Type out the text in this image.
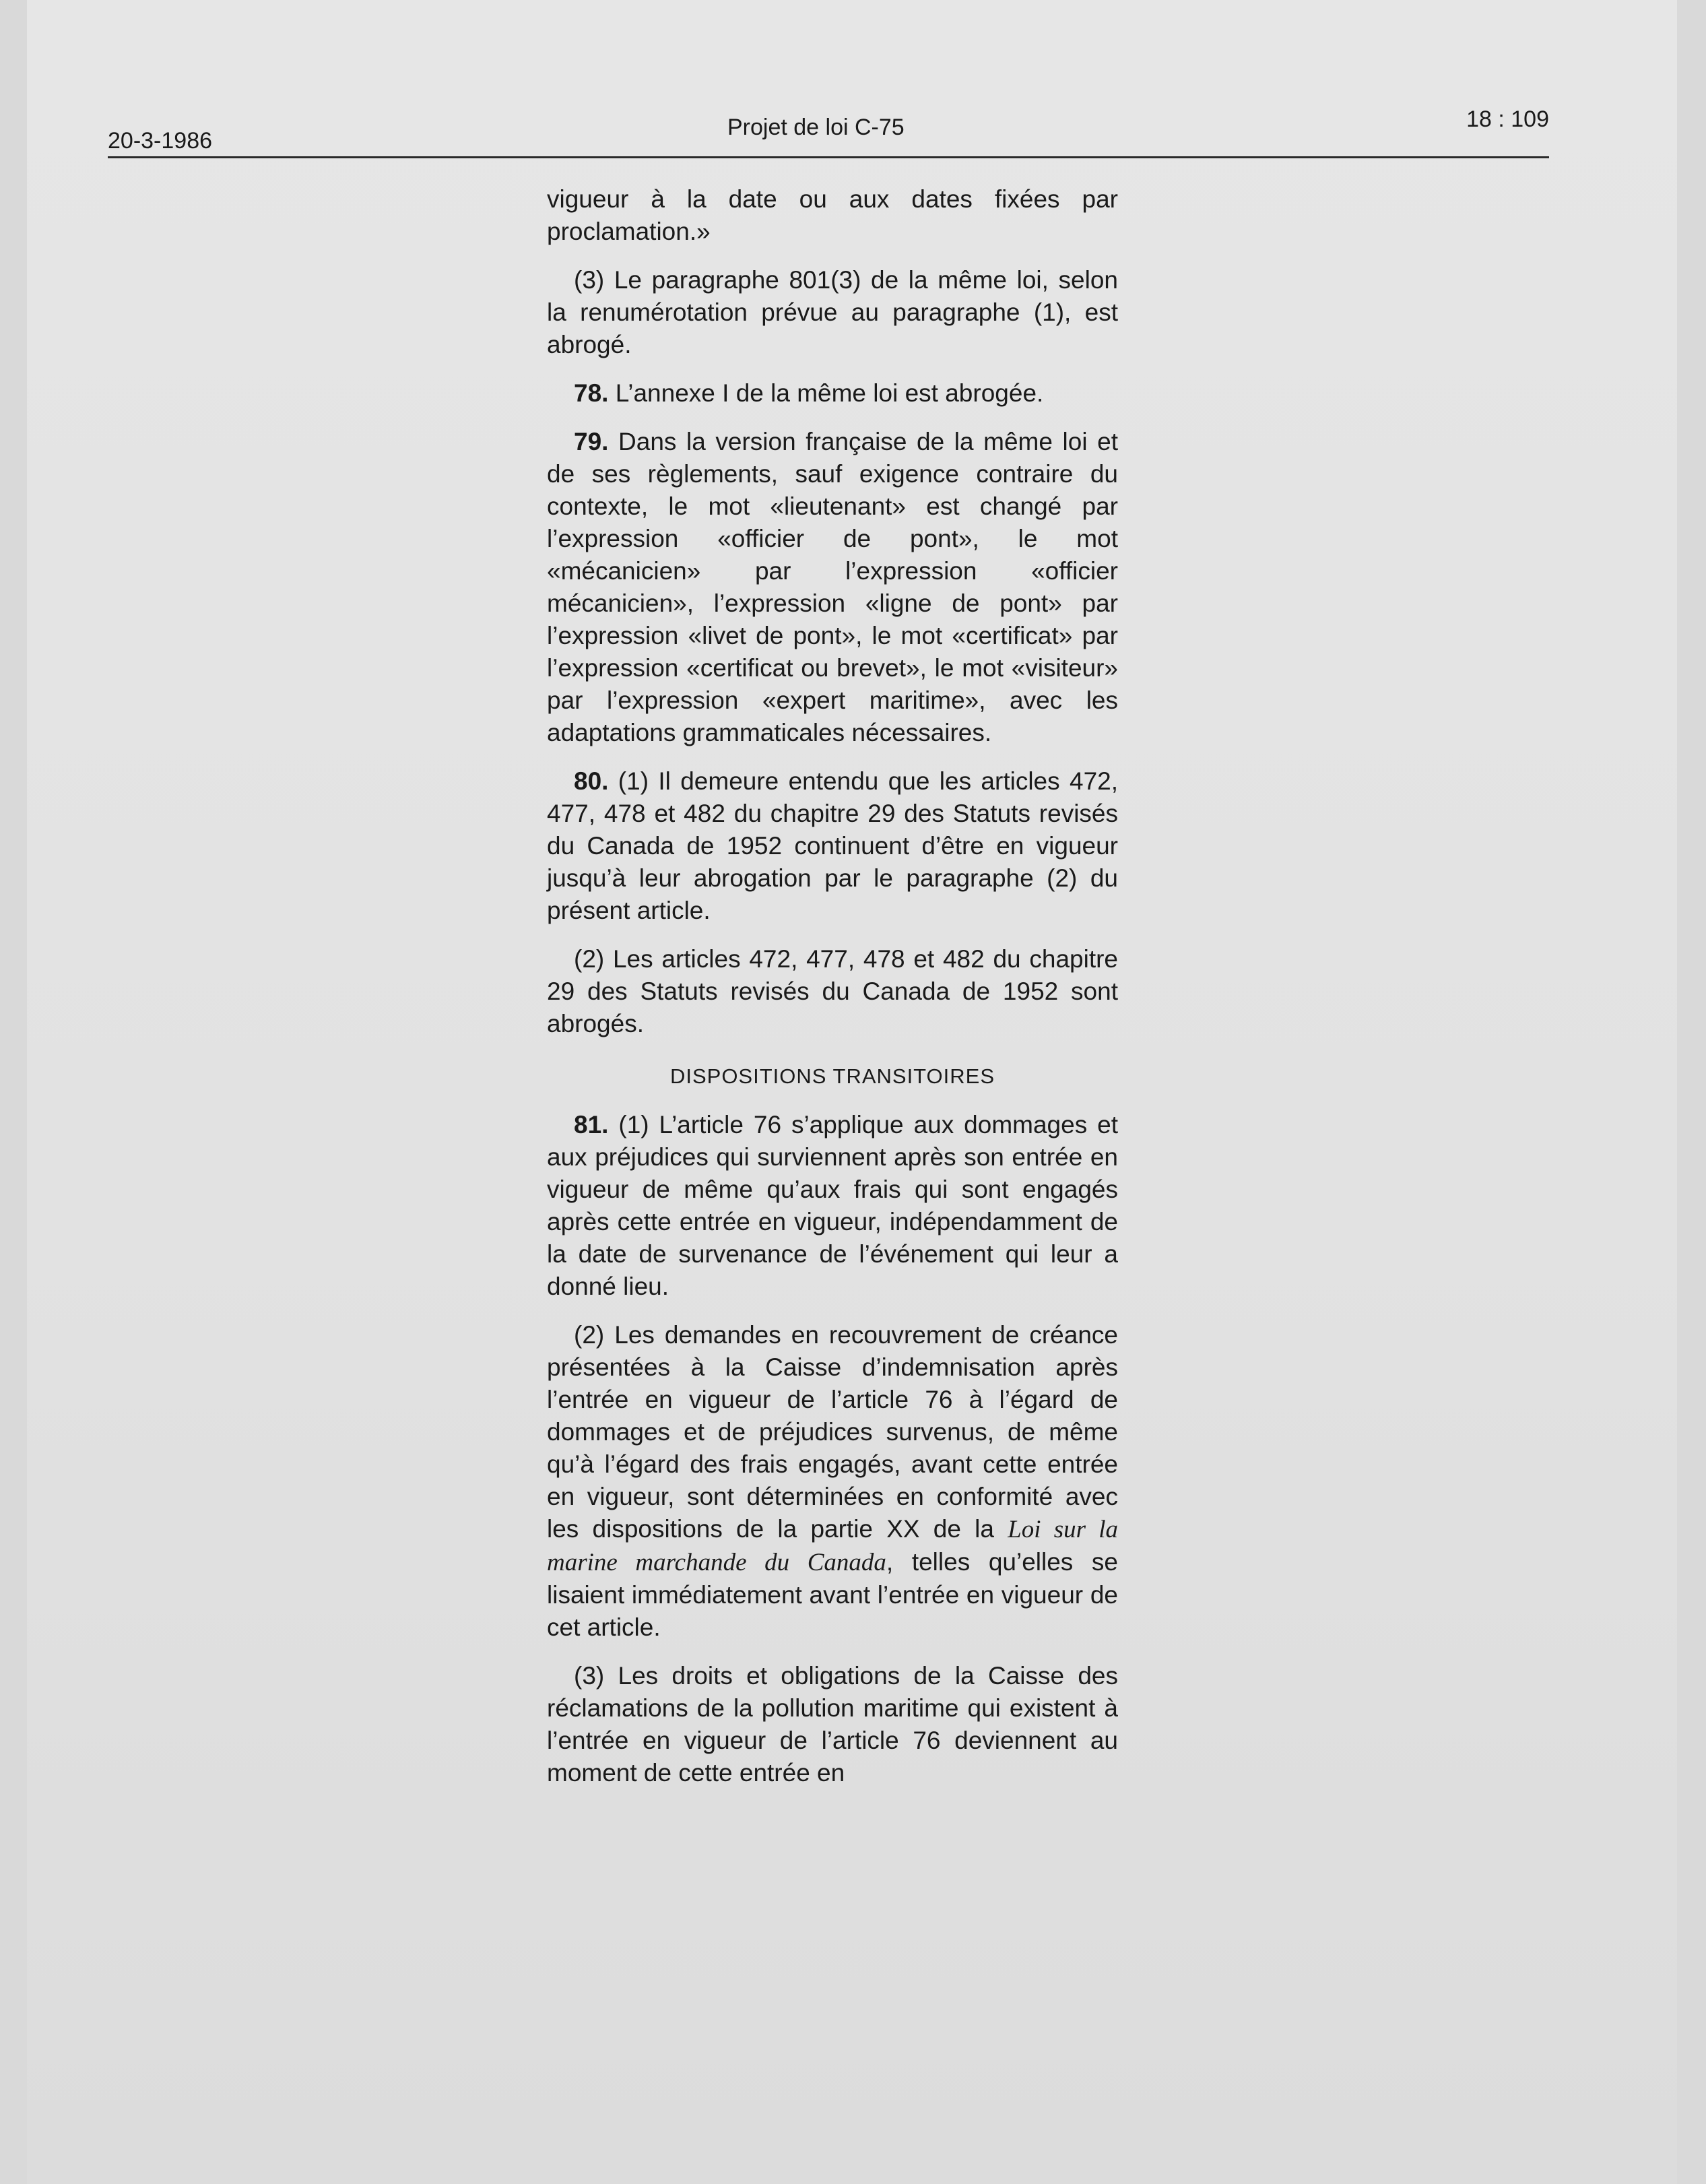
20-3-1986
Projet de loi C-75	18 : 109

vigueur à la date ou aux dates fixées par proclamation.»

(3) Le paragraphe 801(3) de la même loi, selon la renumérotation prévue au paragraphe (1), est abrogé.

78. L’annexe I de la même loi est abrogée.

79. Dans la version française de la même loi et de ses règlements, sauf exigence contraire du contexte, le mot «lieutenant» est changé par l’expression «officier de pont», le mot «mécanicien» par l’expression «officier mécanicien», l’expression «ligne de pont» par l’expression «livet de pont», le mot «certificat» par l’expression «certificat ou brevet», le mot «visiteur» par l’expression «expert maritime», avec les adaptations grammaticales nécessaires.

80. (1) Il demeure entendu que les articles 472, 477, 478 et 482 du chapitre 29 des Statuts revisés du Canada de 1952 continuent d’être en vigueur jusqu’à leur abrogation par le paragraphe (2) du présent article.

(2) Les articles 472, 477, 478 et 482 du chapitre 29 des Statuts revisés du Canada de 1952 sont abrogés.

DISPOSITIONS TRANSITOIRES

81. (1) L’article 76 s’applique aux dommages et aux préjudices qui surviennent après son entrée en vigueur de même qu’aux frais qui sont engagés après cette entrée en vigueur, indépendamment de la date de survenance de l’événement qui leur a donné lieu.

(2) Les demandes en recouvrement de créance présentées à la Caisse d’indemnisation après l’entrée en vigueur de l’article 76 à l’égard de dommages et de préjudices survenus, de même qu’à l’égard des frais engagés, avant cette entrée en vigueur, sont déterminées en conformité avec les dispositions de la partie XX de la Loi sur la marine marchande du Canada, telles qu’elles se lisaient immédiatement avant l’entrée en vigueur de cet article.

(3) Les droits et obligations de la Caisse des réclamations de la pollution maritime qui existent à l’entrée en vigueur de l’article 76 deviennent au moment de cette entrée en
